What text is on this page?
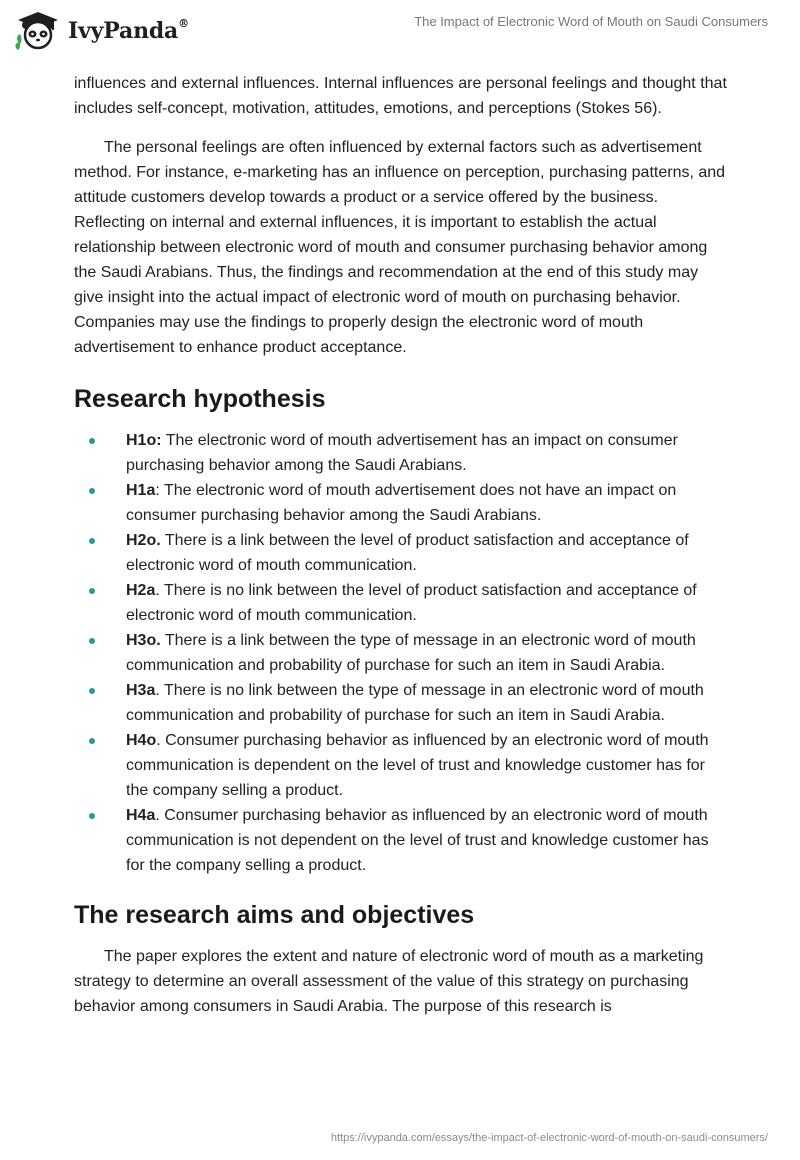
IvyPanda®	The Impact of Electronic Word of Mouth on Saudi Consumers

influences and external influences. Internal influences are personal feelings and thought that includes self-concept, motivation, attitudes, emotions, and perceptions (Stokes 56).

The personal feelings are often influenced by external factors such as advertisement method. For instance, e-marketing has an influence on perception, purchasing patterns, and attitude customers develop towards a product or a service offered by the business. Reflecting on internal and external influences, it is important to establish the actual relationship between electronic word of mouth and consumer purchasing behavior among the Saudi Arabians. Thus, the findings and recommendation at the end of this study may give insight into the actual impact of electronic word of mouth on purchasing behavior. Companies may use the findings to properly design the electronic word of mouth advertisement to enhance product acceptance.

Research hypothesis
H1o: The electronic word of mouth advertisement has an impact on consumer purchasing behavior among the Saudi Arabians.
H1a: The electronic word of mouth advertisement does not have an impact on consumer purchasing behavior among the Saudi Arabians.
H2o. There is a link between the level of product satisfaction and acceptance of electronic word of mouth communication.
H2a. There is no link between the level of product satisfaction and acceptance of electronic word of mouth communication.
H3o. There is a link between the type of message in an electronic word of mouth communication and probability of purchase for such an item in Saudi Arabia.
H3a. There is no link between the type of message in an electronic word of mouth communication and probability of purchase for such an item in Saudi Arabia.
H4o. Consumer purchasing behavior as influenced by an electronic word of mouth communication is dependent on the level of trust and knowledge customer has for the company selling a product.
H4a. Consumer purchasing behavior as influenced by an electronic word of mouth communication is not dependent on the level of trust and knowledge customer has for the company selling a product.
The research aims and objectives

The paper explores the extent and nature of electronic word of mouth as a marketing strategy to determine an overall assessment of the value of this strategy on purchasing behavior among consumers in Saudi Arabia. The purpose of this research is

https://ivypanda.com/essays/the-impact-of-electronic-word-of-mouth-on-saudi-consumers/
